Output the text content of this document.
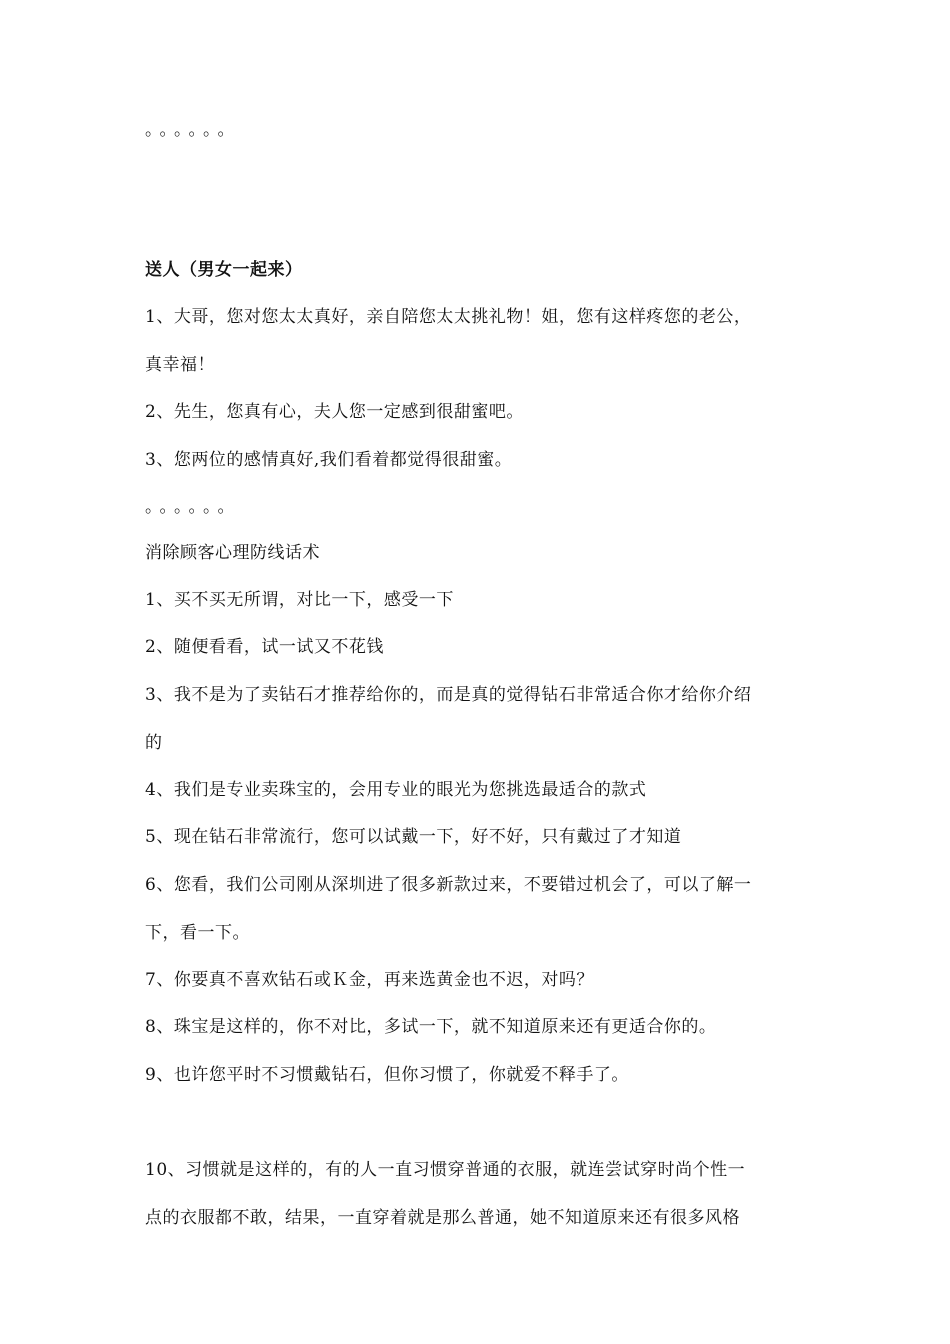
。。。。。。
送人（男女一起来）
1、大哥，您对您太太真好，亲自陪您太太挑礼物！姐，您有这样疼您的老公，
真幸福！
2、先生，您真有心，夫人您一定感到很甜蜜吧。
3、您两位的感情真好,我们看着都觉得很甜蜜。
。。。。。。
消除顾客心理防线话术
1、买不买无所谓，对比一下，感受一下
2、随便看看，试一试又不花钱
3、我不是为了卖钻石才推荐给你的，而是真的觉得钻石非常适合你才给你介绍
的
4、我们是专业卖珠宝的，会用专业的眼光为您挑选最适合的款式
5、现在钻石非常流行，您可以试戴一下，好不好，只有戴过了才知道
6、您看，我们公司刚从深圳进了很多新款过来，不要错过机会了，可以了解一
下，看一下。
7、你要真不喜欢钻石或Ｋ金，再来选黄金也不迟，对吗？
8、珠宝是这样的，你不对比，多试一下，就不知道原来还有更适合你的。
9、也许您平时不习惯戴钻石，但你习惯了，你就爱不释手了。
10、习惯就是这样的，有的人一直习惯穿普通的衣服，就连尝试穿时尚个性一
点的衣服都不敢，结果，一直穿着就是那么普通，她不知道原来还有很多风格
